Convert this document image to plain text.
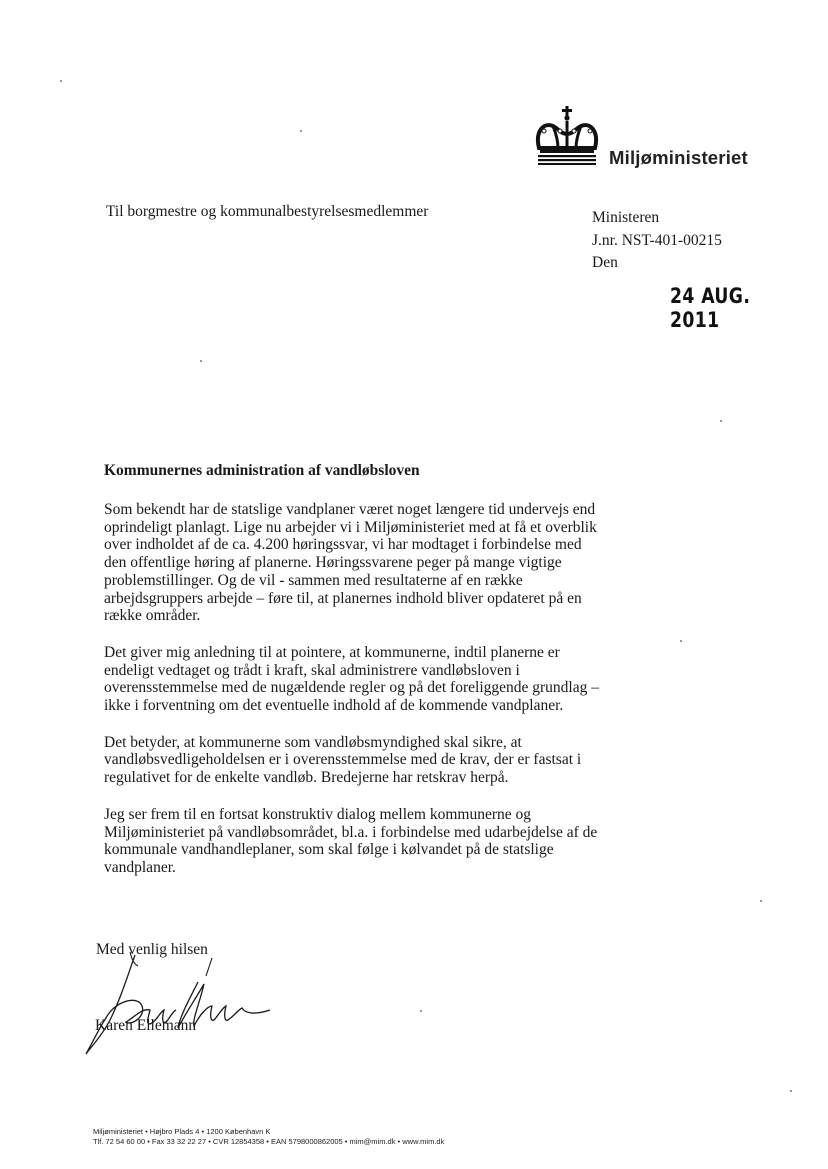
Miljøministeriet
Til borgmestre og kommunalbestyrelsesmedlemmer	Ministeren
J.nr. NST-401-00215
Den
24 AUG. 2011
Kommunernes administration af vandløbsloven

Som bekendt har de statslige vandplaner været noget længere tid undervejs end oprindeligt planlagt. Lige nu arbejder vi i Miljøministeriet med at få et overblik over indholdet af de ca. 4.200 høringssvar, vi har modtaget i forbindelse med den offentlige høring af planerne. Høringssvarene peger på mange vigtige problemstillinger. Og de vil - sammen med resultaterne af en række arbejdsgruppers arbejde – føre til, at planernes indhold bliver opdateret på en række områder.

Det giver mig anledning til at pointere, at kommunerne, indtil planerne er endeligt vedtaget og trådt i kraft, skal administrere vandløbsloven i overensstemmelse med de nugældende regler og på det foreliggende grundlag – ikke i forventning om det eventuelle indhold af de kommende vandplaner.

Det betyder, at kommunerne som vandløbsmyndighed skal sikre, at vandløbsvedligeholdelsen er i overensstemmelse med de krav, der er fastsat i regulativet for de enkelte vandløb. Bredejerne har retskrav herpå.

Jeg ser frem til en fortsat konstruktiv dialog mellem kommunerne og Miljøministeriet på vandløbsområdet, bl.a. i forbindelse med udarbejdelse af de kommunale vandhandleplaner, som skal følge i kølvandet på de statslige vandplaner.

Med venlig hilsen
Karen Ellemann
Miljøministeriet • Højbro Plads 4 • 1200 København K
Tlf. 72 54 60 00 • Fax 33 32 22 27 • CVR 12854358 • EAN 5798000862005 • mim@mim.dk • www.mim.dk
